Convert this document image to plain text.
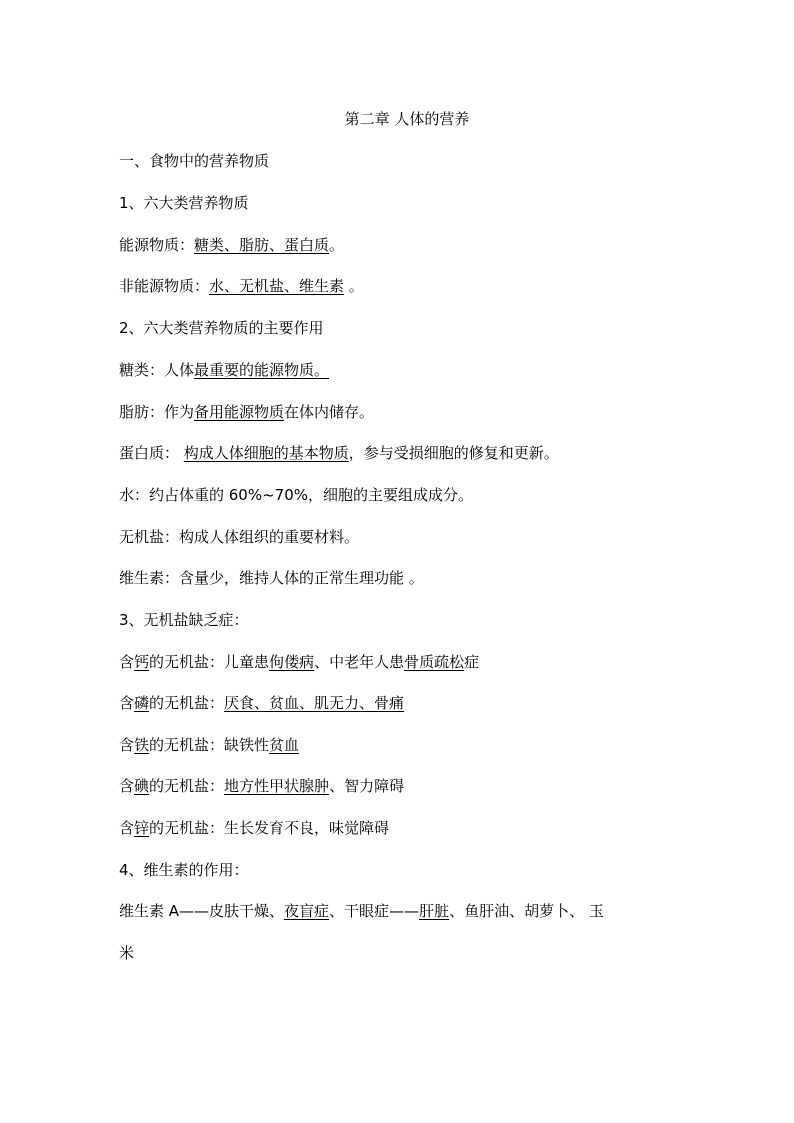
第二章 人体的营养
一、食物中的营养物质
1、六大类营养物质
能源物质：糖类、脂肪、蛋白质。
非能源物质：水、无机盐、维生素 。
2、六大类营养物质的主要作用
糖类：人体最重要的能源物质。
脂肪：作为备用能源物质在体内储存。
蛋白质： 构成人体细胞的基本物质，参与受损细胞的修复和更新。
水：约占体重的 60%~70%，细胞的主要组成成分。
无机盐：构成人体组织的重要材料。
维生素：含量少，维持人体的正常生理功能 。
3、无机盐缺乏症：
含钙的无机盐：儿童患佝偻病、中老年人患骨质疏松症
含磷的无机盐：厌食、贫血、肌无力、骨痛
含铁的无机盐：缺铁性贫血
含碘的无机盐：地方性甲状腺肿、智力障碍
含锌的无机盐：生长发育不良，味觉障碍
4、维生素的作用：
维生素 A——皮肤干燥、夜盲症、干眼症——肝脏、鱼肝油、胡萝卜、 玉
米
